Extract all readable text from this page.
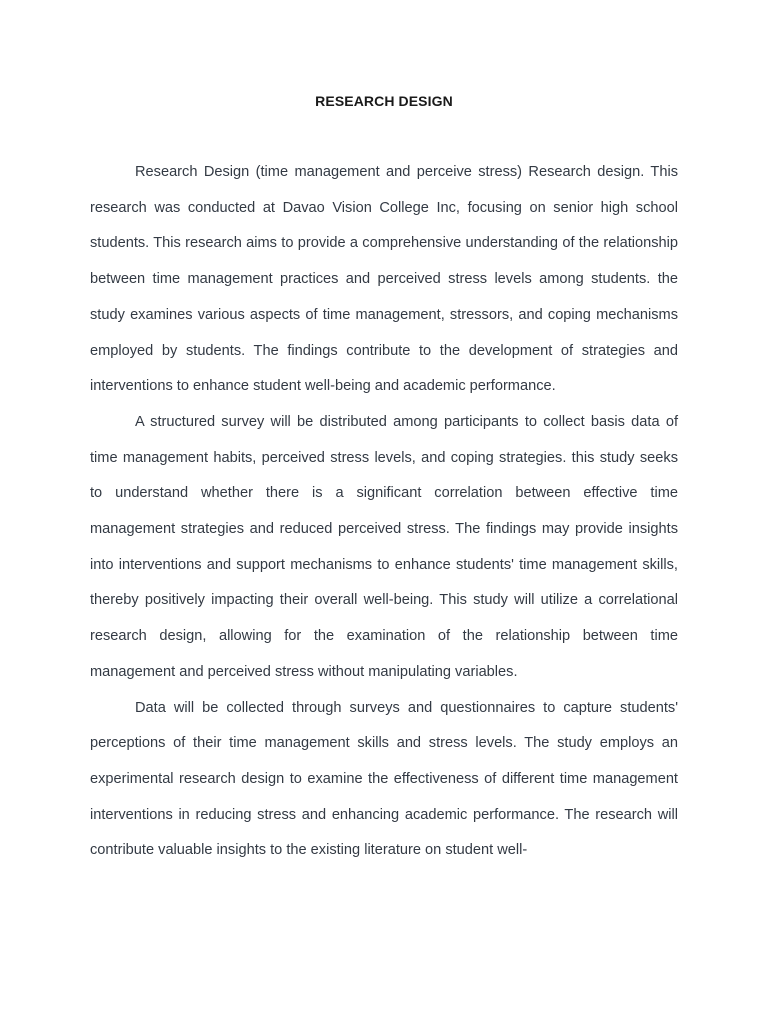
RESEARCH DESIGN

Research Design (time management and perceive stress) Research design. This research was conducted at Davao Vision College Inc, focusing on senior high school students. This research aims to provide a comprehensive understanding of the relationship between time management practices and perceived stress levels among students. the study examines various aspects of time management, stressors, and coping mechanisms employed by students. The findings contribute to the development of strategies and interventions to enhance student well-being and academic performance.

A structured survey will be distributed among participants to collect basis data of time management habits, perceived stress levels, and coping strategies. this study seeks to understand whether there is a significant correlation between effective time management strategies and reduced perceived stress. The findings may provide insights into interventions and support mechanisms to enhance students' time management skills, thereby positively impacting their overall well-being. This study will utilize a correlational research design, allowing for the examination of the relationship between time management and perceived stress without manipulating variables.

Data will be collected through surveys and questionnaires to capture students' perceptions of their time management skills and stress levels. The study employs an experimental research design to examine the effectiveness of different time management interventions in reducing stress and enhancing academic performance. The research will contribute valuable insights to the existing literature on student well-
